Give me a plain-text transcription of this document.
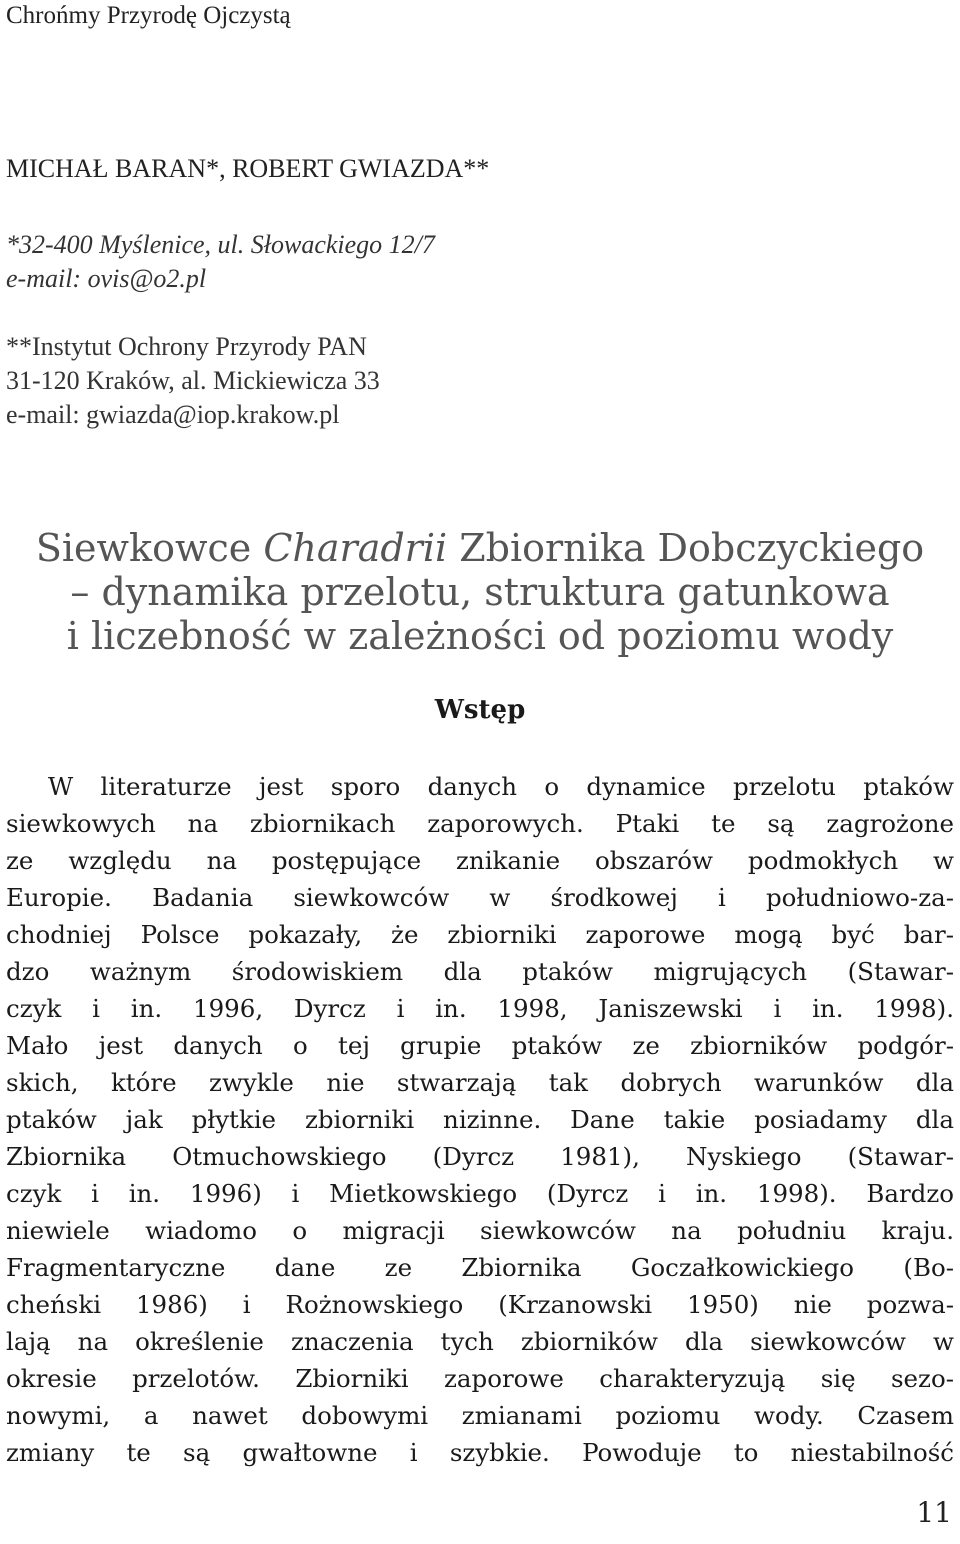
Chrońmy Przyrodę Ojczystą
MICHAŁ BARAN*, ROBERT GWIAZDA**
*32-400 Myślenice, ul. Słowackiego 12/7
e-mail: ovis@o2.pl
**Instytut Ochrony Przyrody PAN
31-120 Kraków, al. Mickiewicza 33
e-mail: gwiazda@iop.krakow.pl
Siewkowce Charadrii Zbiornika Dobczyckiego
– dynamika przelotu, struktura gatunkowa
i liczebność w zależności od poziomu wody
Wstęp
W literaturze jest sporo danych o dynamice przelotu ptaków
siewkowych na zbiornikach zaporowych. Ptaki te są zagrożone
ze względu na postępujące znikanie obszarów podmokłych w
Europie. Badania siewkowców w środkowej i południowo-za-
chodniej Polsce pokazały, że zbiorniki zaporowe mogą być bar-
dzo ważnym środowiskiem dla ptaków migrujących (Stawar-
czyk i in. 1996, Dyrcz i in. 1998, Janiszewski i in. 1998).
Mało jest danych o tej grupie ptaków ze zbiorników podgór-
skich, które zwykle nie stwarzają tak dobrych warunków dla
ptaków jak płytkie zbiorniki nizinne. Dane takie posiadamy dla
Zbiornika Otmuchowskiego (Dyrcz 1981), Nyskiego (Stawar-
czyk i in. 1996) i Mietkowskiego (Dyrcz i in. 1998). Bardzo
niewiele wiadomo o migracji siewkowców na południu kraju.
Fragmentaryczne dane ze Zbiornika Goczałkowickiego (Bo-
cheński 1986) i Rożnowskiego (Krzanowski 1950) nie pozwa-
lają na określenie znaczenia tych zbiorników dla siewkowców w
okresie przelotów. Zbiorniki zaporowe charakteryzują się sezo-
nowymi, a nawet dobowymi zmianami poziomu wody. Czasem
zmiany te są gwałtowne i szybkie. Powoduje to niestabilność
11
